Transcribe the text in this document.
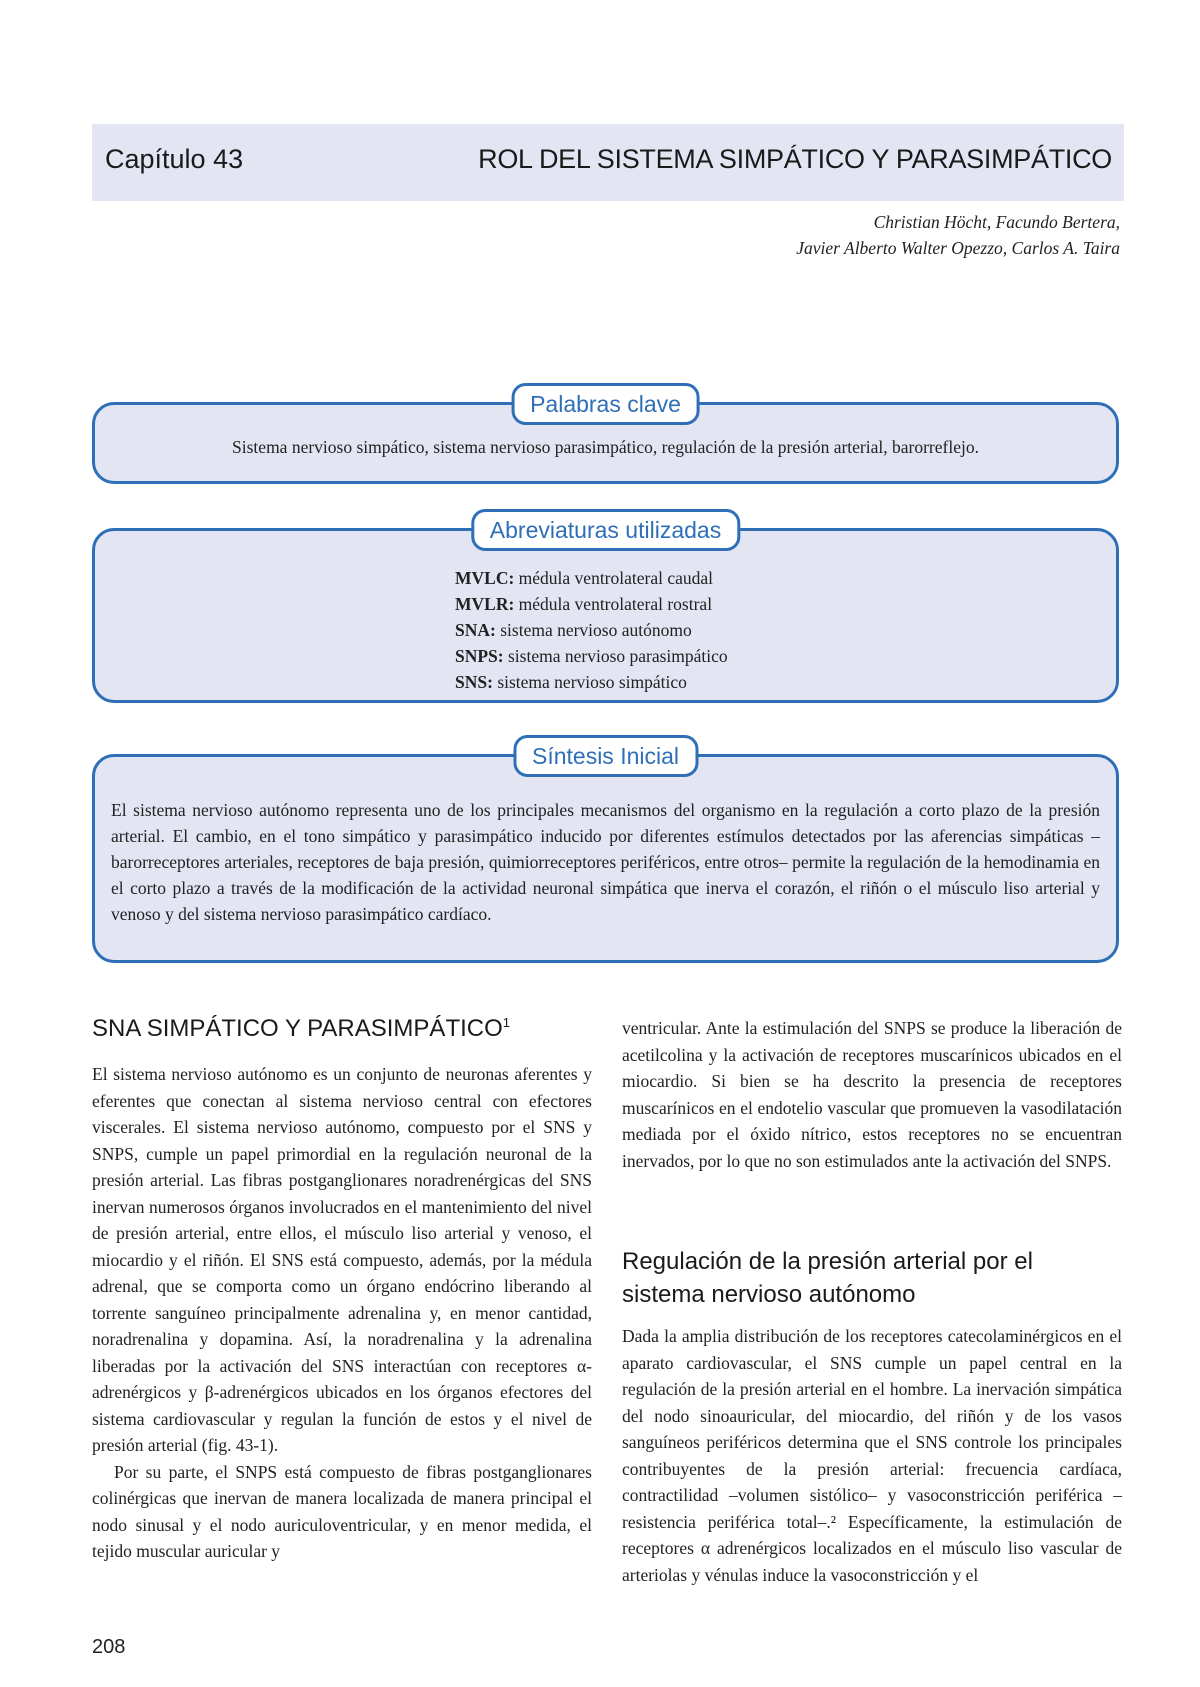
Capítulo 43	ROL DEL SISTEMA SIMPÁTICO Y PARASIMPÁTICO
Christian Höcht, Facundo Bertera,
Javier Alberto Walter Opezzo, Carlos A. Taira
Palabras clave
Sistema nervioso simpático, sistema nervioso parasimpático, regulación de la presión arterial, barorreflejo.
Abreviaturas utilizadas
MVLC: médula ventrolateral caudal
MVLR: médula ventrolateral rostral
SNA: sistema nervioso autónomo
SNPS: sistema nervioso parasimpático
SNS: sistema nervioso simpático
Síntesis Inicial
El sistema nervioso autónomo representa uno de los principales mecanismos del organismo en la regulación a corto plazo de la presión arterial. El cambio, en el tono simpático y parasimpático inducido por diferentes estímulos detectados por las aferencias simpáticas –barorreceptores arteriales, receptores de baja presión, quimiorreceptores periféricos, entre otros– permite la regulación de la hemodinamia en el corto plazo a través de la modificación de la actividad neuronal simpática que inerva el corazón, el riñón o el músculo liso arterial y venoso y del sistema nervioso parasimpático cardíaco.
SNA SIMPÁTICO Y PARASIMPÁTICO$^1$

El sistema nervioso autónomo es un conjunto de neuronas aferentes y eferentes que conectan al sistema nervioso central con efectores viscerales. El sistema nervioso autónomo, compuesto por el SNS y SNPS, cumple un papel primordial en la regulación neuronal de la presión arterial. Las fibras postganglionares noradrenérgicas del SNS inervan numerosos órganos involucrados en el mantenimiento del nivel de presión arterial, entre ellos, el músculo liso arterial y venoso, el miocardio y el riñón. El SNS está compuesto, además, por la médula adrenal, que se comporta como un órgano endócrino liberando al torrente sanguíneo principalmente adrenalina y, en menor cantidad, noradrenalina y dopamina. Así, la noradrenalina y la adrenalina liberadas por la activación del SNS interactúan con receptores α-adrenérgicos y β-adrenérgicos ubicados en los órganos efectores del sistema cardiovascular y regulan la función de estos y el nivel de presión arterial (fig. 43-1).

Por su parte, el SNPS está compuesto de fibras postganglionares colinérgicas que inervan de manera localizada de manera principal el nodo sinusal y el nodo auriculoventricular, y en menor medida, el tejido muscular auricular y

ventricular. Ante la estimulación del SNPS se produce la liberación de acetilcolina y la activación de receptores muscarínicos ubicados en el miocardio. Si bien se ha descrito la presencia de receptores muscarínicos en el endotelio vascular que promueven la vasodilatación mediada por el óxido nítrico, estos receptores no se encuentran inervados, por lo que no son estimulados ante la activación del SNPS.

Regulación de la presión arterial por el sistema nervioso autónomo

Dada la amplia distribución de los receptores catecolaminérgicos en el aparato cardiovascular, el SNS cumple un papel central en la regulación de la presión arterial en el hombre. La inervación simpática del nodo sinoauricular, del miocardio, del riñón y de los vasos sanguíneos periféricos determina que el SNS controle los principales contribuyentes de la presión arterial: frecuencia cardíaca, contractilidad –volumen sistólico– y vasoconstricción periférica –resistencia periférica total–.² Específicamente, la estimulación de receptores α adrenérgicos localizados en el músculo liso vascular de arteriolas y vénulas induce la vasoconstricción y el

208
